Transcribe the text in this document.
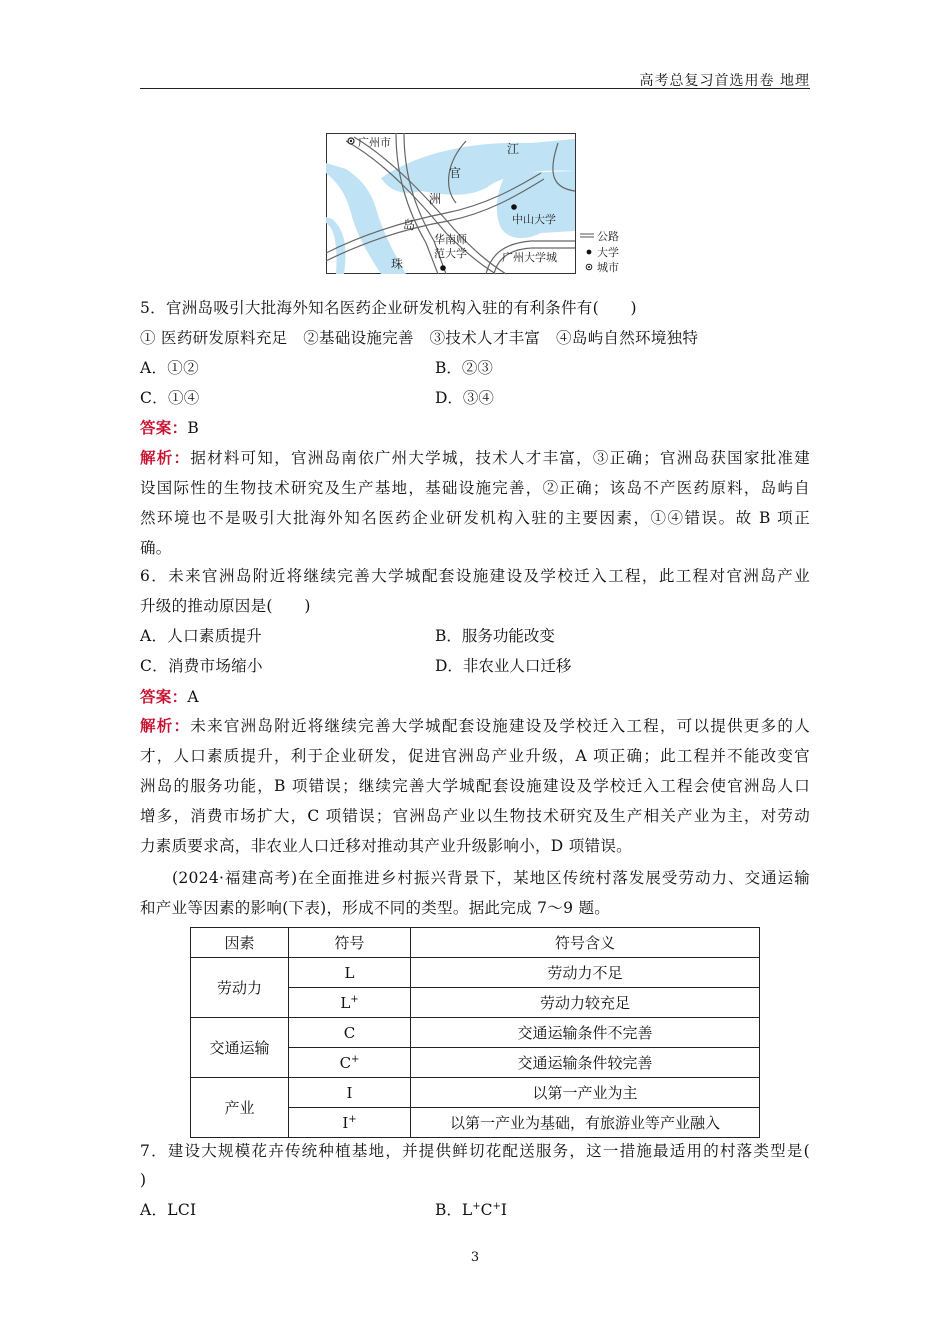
高考总复习首选用卷 地理
广州市	江
官
洲
岛
珠
中山大学
华南师
范大学	广州大学城
公路
大学
城市
5．官洲岛吸引大批海外知名医药企业研发机构入驻的有利条件有(　　)
① 医药研发原料充足　②基础设施完善　③技术人才丰富　④岛屿自然环境独特
A．①②	B．②③
C．①④	D．③④
答案：B
解析：据材料可知，官洲岛南依广州大学城，技术人才丰富，③正确；官洲岛获国家批准建
设国际性的生物技术研究及生产基地，基础设施完善，②正确；该岛不产医药原料，岛屿自
然环境也不是吸引大批海外知名医药企业研发机构入驻的主要因素，①④错误。故 B 项正
确。
6．未来官洲岛附近将继续完善大学城配套设施建设及学校迁入工程，此工程对官洲岛产业
升级的推动原因是(　　)
A．人口素质提升	B．服务功能改变
C．消费市场缩小	D．非农业人口迁移
答案：A
解析：未来官洲岛附近将继续完善大学城配套设施建设及学校迁入工程，可以提供更多的人
才，人口素质提升，利于企业研发，促进官洲岛产业升级，A 项正确；此工程并不能改变官
洲岛的服务功能，B 项错误；继续完善大学城配套设施建设及学校迁入工程会使官洲岛人口
增多，消费市场扩大，C 项错误；官洲岛产业以生物技术研究及生产相关产业为主，对劳动
力素质要求高，非农业人口迁移对推动其产业升级影响小，D 项错误。
(2024·福建高考)在全面推进乡村振兴背景下，某地区传统村落发展受劳动力、交通运输
和产业等因素的影响(下表)，形成不同的类型。据此完成 7～9 题。
因素	符号	符号含义
劳动力	L	劳动力不足
	L+	劳动力较充足
交通运输	C	交通运输条件不完善
	C+	交通运输条件较完善
产业	I	以第一产业为主
	I+	以第一产业为基础，有旅游业等产业融入
7．建设大规模花卉传统种植基地，并提供鲜切花配送服务，这一措施最适用的村落类型是(
)
A．LCI	B．L+C+I
3
